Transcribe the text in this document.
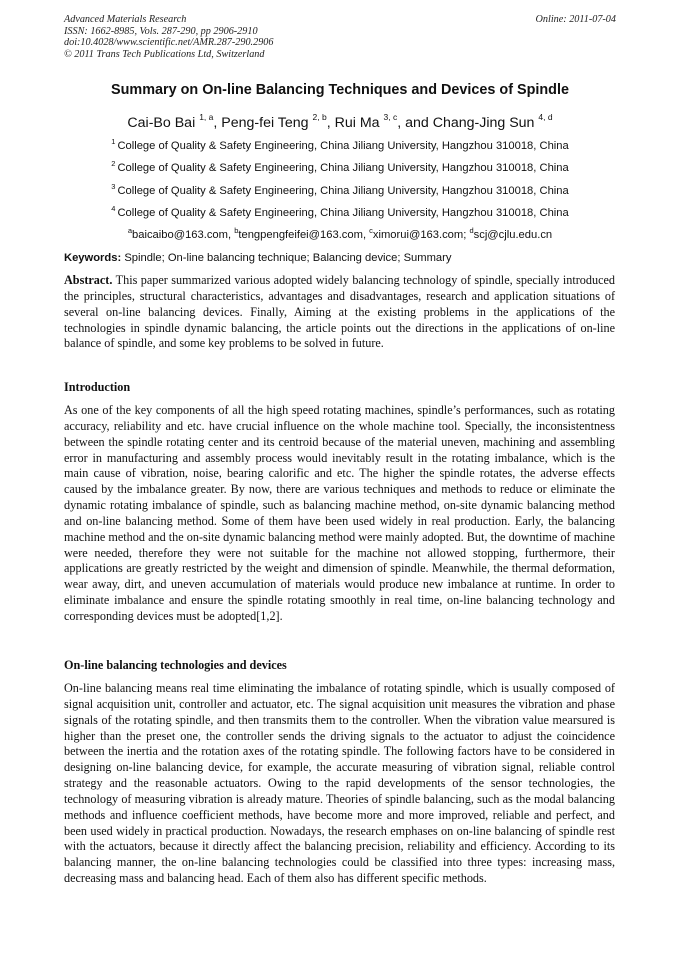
Advanced Materials Research
ISSN: 1662-8985, Vols. 287-290, pp 2906-2910
doi:10.4028/www.scientific.net/AMR.287-290.2906
© 2011 Trans Tech Publications Ltd, Switzerland
Online: 2011-07-04
Summary on On-line Balancing Techniques and Devices of Spindle
Cai-Bo Bai $^{1, a}$, Peng-fei Teng $^{2, b}$, Rui Ma $^{3, c}$, and Chang-Jing Sun $^{4, d}$
$^1$ College of Quality & Safety Engineering, China Jiliang University, Hangzhou 310018, China
$^2$ College of Quality & Safety Engineering, China Jiliang University, Hangzhou 310018, China
$^3$ College of Quality & Safety Engineering, China Jiliang University, Hangzhou 310018, China
$^4$ College of Quality & Safety Engineering, China Jiliang University, Hangzhou 310018, China
$^a$baicaibo@163.com, $^b$tengpengfeifei@163.com, $^c$ximorui@163.com; $^d$scj@cjlu.edu.cn
Keywords: Spindle; On-line balancing technique; Balancing device; Summary
Abstract. This paper summarized various adopted widely balancing technology of spindle, specially introduced the principles, structural characteristics, advantages and disadvantages, research and application situations of several on-line balancing devices. Finally, Aiming at the existing problems in the applications of the technologies in spindle dynamic balancing, the article points out the directions in the applications of on-line balance of spindle, and some key problems to be solved in future.
Introduction
As one of the key components of all the high speed rotating machines, spindle’s performances, such as rotating accuracy, reliability and etc. have crucial influence on the whole machine tool. Specially, the inconsistentness between the spindle rotating center and its centroid because of the material uneven, machining and assembling error in manufacturing and assembly process would inevitably result in the rotating imbalance, which is the main cause of vibration, noise, bearing calorific and etc. The higher the spindle rotates, the adverse effects caused by the imbalance greater. By now, there are various techniques and methods to reduce or eliminate the dynamic rotating imbalance of spindle, such as balancing machine method, on-site dynamic balancing method and on-line balancing method. Some of them have been used widely in real production. Early, the balancing machine method and the on-site dynamic balancing method were mainly adopted. But, the downtime of machine were needed, therefore they were not suitable for the machine not allowed stopping, furthermore, their applications are greatly restricted by the weight and dimension of spindle. Meanwhile, the thermal deformation, wear away, dirt, and uneven accumulation of materials would produce new imbalance at runtime. In order to eliminate imbalance and ensure the spindle rotating smoothly in real time, on-line balancing technology and corresponding devices must be adopted[1,2].
On-line balancing technologies and devices
On-line balancing means real time eliminating the imbalance of rotating spindle, which is usually composed of signal acquisition unit, controller and actuator, etc. The signal acquisition unit measures the vibration and phase signals of the rotating spindle, and then transmits them to the controller. When the vibration value mearsured is higher than the preset one, the controller sends the driving signals to the actuator to adjust the coincidence between the inertia and the rotation axes of the rotating spindle. The following factors have to be considered in designing on-line balancing device, for example, the accurate measuring of vibration signal, reliable control strategy and the reasonable actuators. Owing to the rapid developments of the sensor technologies, the technology of measuring vibration is already mature. Theories of spindle balancing, such as the modal balancing methods and influence coefficient methods, have become more and more improved, reliable and perfect, and been used widely in practical production. Nowadays, the research emphases on on-line balancing of spindle rest with the actuators, because it directly affect the balancing precision, reliability and efficiency. According to its balancing manner, the on-line balancing technologies could be classified into three types: increasing mass, decreasing mass and balancing head. Each of them also has different specific methods.
